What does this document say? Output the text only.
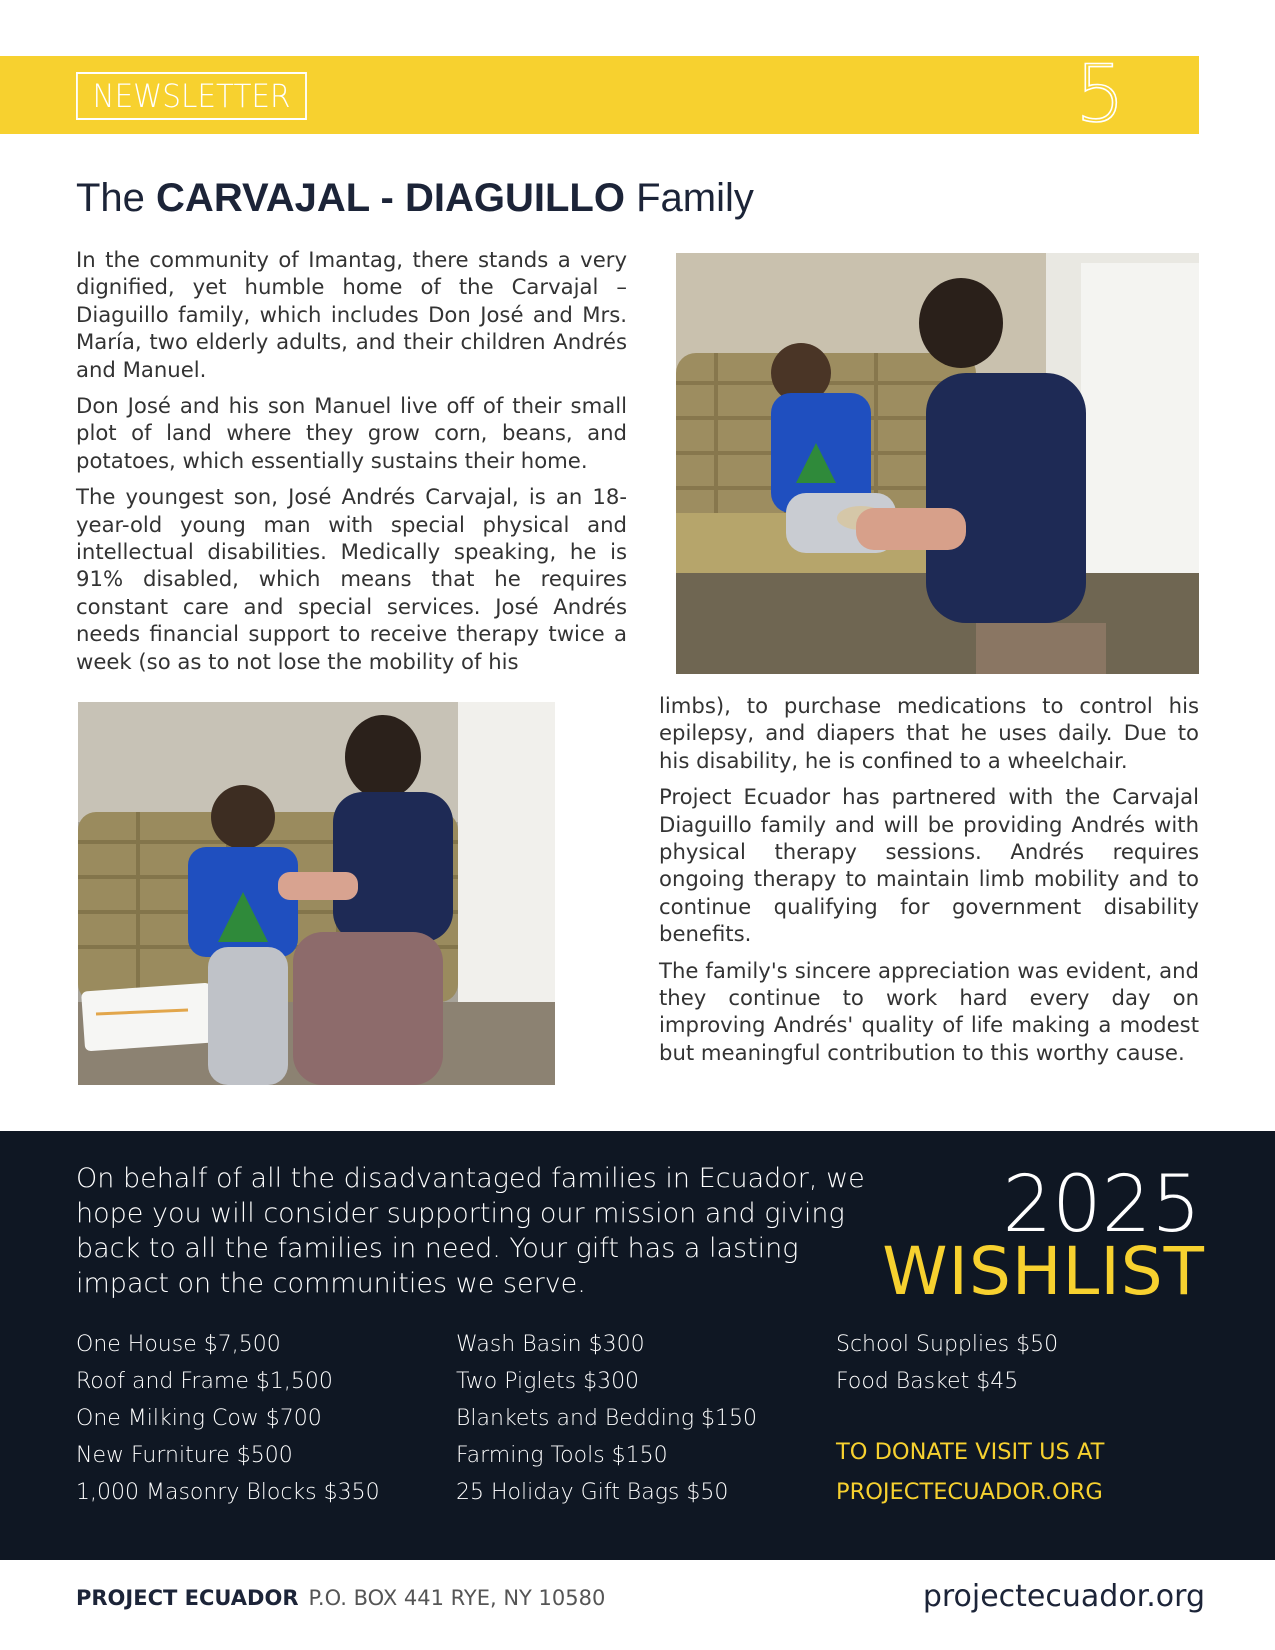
NEWSLETTER	5
The CARVAJAL - DIAGUILLO Family

In the community of Imantag, there stands a very dignified, yet humble home of the Carvajal – Diaguillo family, which includes Don José and Mrs. María, two elderly adults, and their children Andrés and Manuel.

Don José and his son Manuel live off of their small plot of land where they grow corn, beans, and potatoes, which essentially sustains their home.

The youngest son, José Andrés Carvajal, is an 18-year-old young man with special physical and intellectual disabilities. Medically speaking, he is 91% disabled, which means that he requires constant care and special services. José Andrés needs financial support to receive therapy twice a week (so as to not lose the mobility of his

limbs), to purchase medications to control his epilepsy, and diapers that he uses daily. Due to his disability, he is confined to a wheelchair.

Project Ecuador has partnered with the Carvajal Diaguillo family and will be providing Andrés with physical therapy sessions. Andrés requires ongoing therapy to maintain limb mobility and to continue qualifying for government disability benefits.

The family's sincere appreciation was evident, and they continue to work hard every day on improving Andrés' quality of life making a modest but meaningful contribution to this worthy cause.

On behalf of all the disadvantaged families in Ecuador, we hope you will consider supporting our mission and giving back to all the families in need. Your gift has a lasting impact on the communities we serve.
2025
WISHLIST
One House $7,500
Roof and Frame $1,500
One Milking Cow $700
New Furniture $500
1,000 Masonry Blocks $350
Wash Basin $300
Two Piglets $300
Blankets and Bedding $150
Farming Tools $150
25 Holiday Gift Bags $50
School Supplies $50
Food Basket $45
TO DONATE VISIT US AT
PROJECTECUADOR.ORG
PROJECT ECUADOR P.O. BOX 441 RYE, NY 10580	projectecuador.org
